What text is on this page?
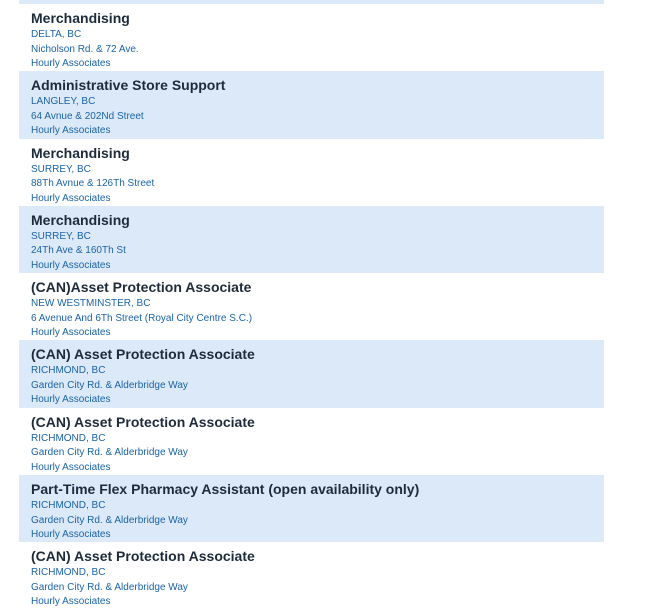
Merchandising
DELTA, BC
Nicholson Rd. & 72 Ave.
Hourly Associates
Administrative Store Support
LANGLEY, BC
64 Avnue & 202Nd Street
Hourly Associates
Merchandising
SURREY, BC
88Th Avnue & 126Th Street
Hourly Associates
Merchandising
SURREY, BC
24Th Ave & 160Th St
Hourly Associates
(CAN)Asset Protection Associate
NEW WESTMINSTER, BC
6 Avenue And 6Th Street (Royal City Centre S.C.)
Hourly Associates
(CAN) Asset Protection Associate
RICHMOND, BC
Garden City Rd. & Alderbridge Way
Hourly Associates
(CAN) Asset Protection Associate
RICHMOND, BC
Garden City Rd. & Alderbridge Way
Hourly Associates
Part-Time Flex Pharmacy Assistant (open availability only)
RICHMOND, BC
Garden City Rd. & Alderbridge Way
Hourly Associates
(CAN) Asset Protection Associate
RICHMOND, BC
Garden City Rd. & Alderbridge Way
Hourly Associates
